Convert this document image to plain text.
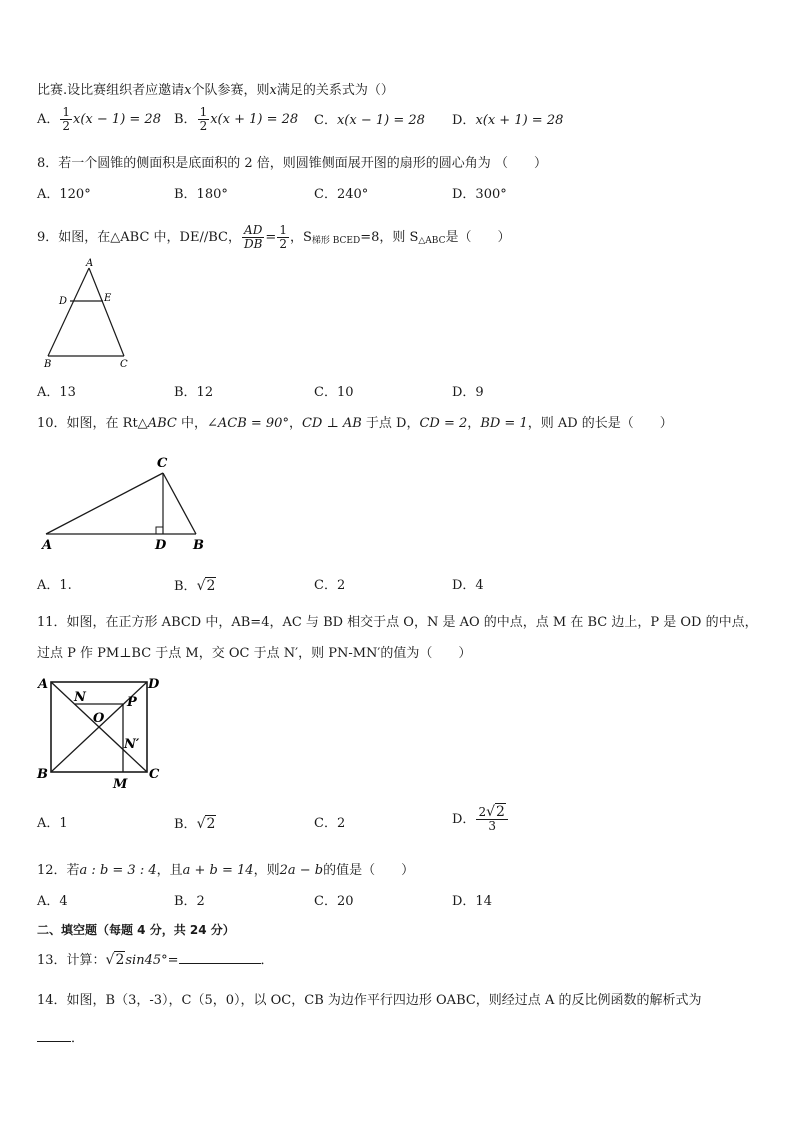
比赛.设比赛组织者应邀请x个队参赛，则x满足的关系式为（）
A． $\frac{1}{2} x(x - 1) = 28$ B． $\frac{1}{2} x(x + 1) = 28$ C．x(x − 1) = 28 D．x(x + 1) = 28
8．若一个圆锥的侧面积是底面积的 2 倍，则圆锥侧面展开图的扇形的圆心角为 （　　）
A．120°	B．180°	C．240°	D．300°
9．如图，在△ABC 中，DE//BC， $\frac{AD}{DB} = \frac{1}{2}$ ，$S_{梯形 BCED}=8$，则 $S_{\triangle ABC}$是（　　）
A
D	E
B	C
A．13	B．12	C．10	D．9
10．如图，在 Rt△ABC 中，∠ACB = 90°，CD ⊥ AB 于点 D，CD = 2，BD = 1，则 AD 的长是（　　）
C
A	D B
A．1.	B．√2	C．2	D．4
11．如图，在正方形 ABCD 中，AB=4，AC 与 BD 相交于点 O，N 是 AO 的中点，点 M 在 BC 边上，P 是 OD 的中点，
过点 P 作 PM⊥BC 于点 M，交 OC 于点 N′，则 PN-MN′的值为（　　）
A	D
N
O
P
N′
B
M
C
A．1	B．√2	C．2	D． $\frac{2√2}{3}$
12．若a : b = 3 : 4，且a + b = 14，则2a − b的值是（　　）
A．4	B．2	C．20	D．14
二、填空题（每题 4 分，共 24 分）
13．计算：√2sin45°=	．
14．如图，B（3，-3），C（5，0），以 OC，CB 为边作平行四边形 OABC，则经过点 A 的反比例函数的解析式为
．
